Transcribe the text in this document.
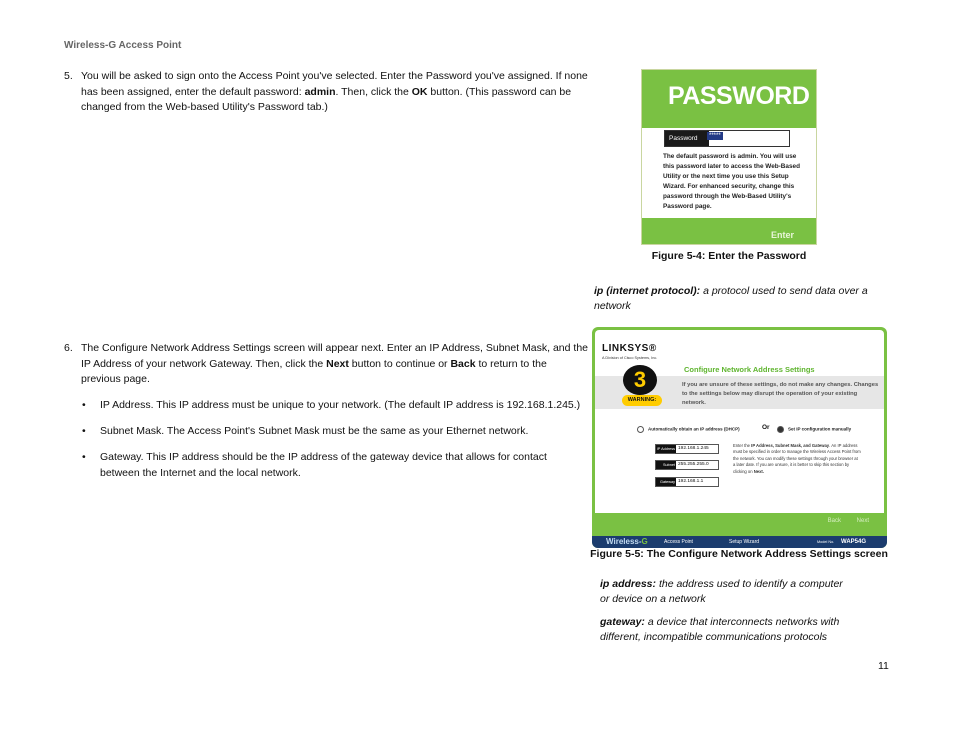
Wireless-G Access Point
5. You will be asked to sign onto the Access Point you've selected. Enter the Password you've assigned. If none has been assigned, enter the default password: admin. Then, click the OK button. (This password can be changed from the Web-based Utility's Password tab.)	PASSWORD
Password	*****
The default password is admin. You will use this password later to access the Web-Based Utility or the next time you use this Setup Wizard. For enhanced security, change this password through the Web-Based Utility's Password page.
Enter
Figure 5-4: Enter the Password
ip (internet protocol): a protocol used to send data over a network
6. The Configure Network Address Settings screen will appear next. Enter an IP Address, Subnet Mask, and the IP Address of your network Gateway. Then, click the Next button to continue or Back to return to the previous page.
• IP Address. This IP address must be unique to your network. (The default IP address is 192.168.1.245.)
• Subnet Mask. The Access Point's Subnet Mask must be the same as your Ethernet network.
• Gateway. This IP address should be the IP address of the gateway device that allows for contact between the Internet and the local network.
LINKSYS®
A Division of Cisco Systems, Inc.
Configure Network Address Settings
3
WARNING:
If you are unsure of these settings, do not make any changes. Changes to the settings below may disrupt the operation of your existing network.
Automatically obtain an IP address (DHCP)	Or	Set IP configuration manually
IP Address 192.168.1.245
Subnet Mask
255.255.255.0
Gateway 192.168.1.1
Enter the IP Address, Subnet Mask, and Gateway. An IP address must be specified in order to manage the Wireless Access Point from the network. You can modify these settings through your browser at a later date. If you are unsure, it is better to skip this section by clicking on Next.
Back	Next
Wireless-G	Access Point	Setup Wizard	Model No. WAP54G
Figure 5-5: The Configure Network Address Settings screen
ip address: the address used to identify a computer or device on a network
gateway: a device that interconnects networks with different, incompatible communications protocols
11
